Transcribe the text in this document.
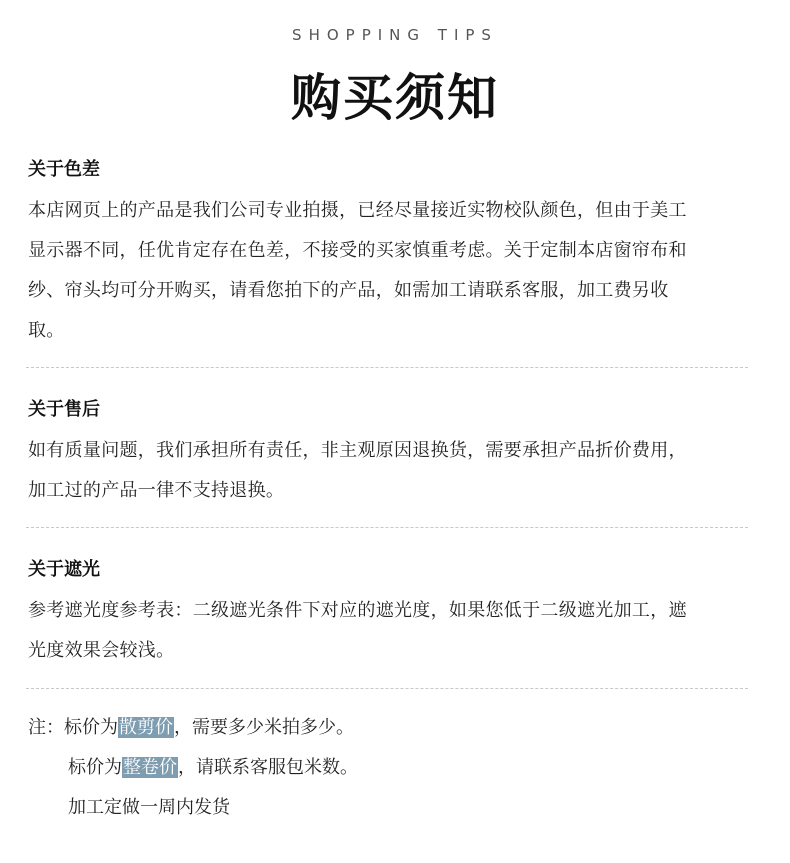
SHOPPING TIPS
购买须知
关于色差
本店网页上的产品是我们公司专业拍摄，已经尽量接近实物校队颜色，但由于美工
显示器不同，任优肯定存在色差，不接受的买家慎重考虑。关于定制本店窗帘布和
纱、帘头均可分开购买，请看您拍下的产品，如需加工请联系客服，加工费另收
取。
关于售后
如有质量问题，我们承担所有责任，非主观原因退换货，需要承担产品折价费用，
加工过的产品一律不支持退换。
关于遮光
参考遮光度参考表：二级遮光条件下对应的遮光度，如果您低于二级遮光加工，遮
光度效果会较浅。
注：标价为散剪价，需要多少米拍多少。
标价为整卷价，请联系客服包米数。
加工定做一周内发货
